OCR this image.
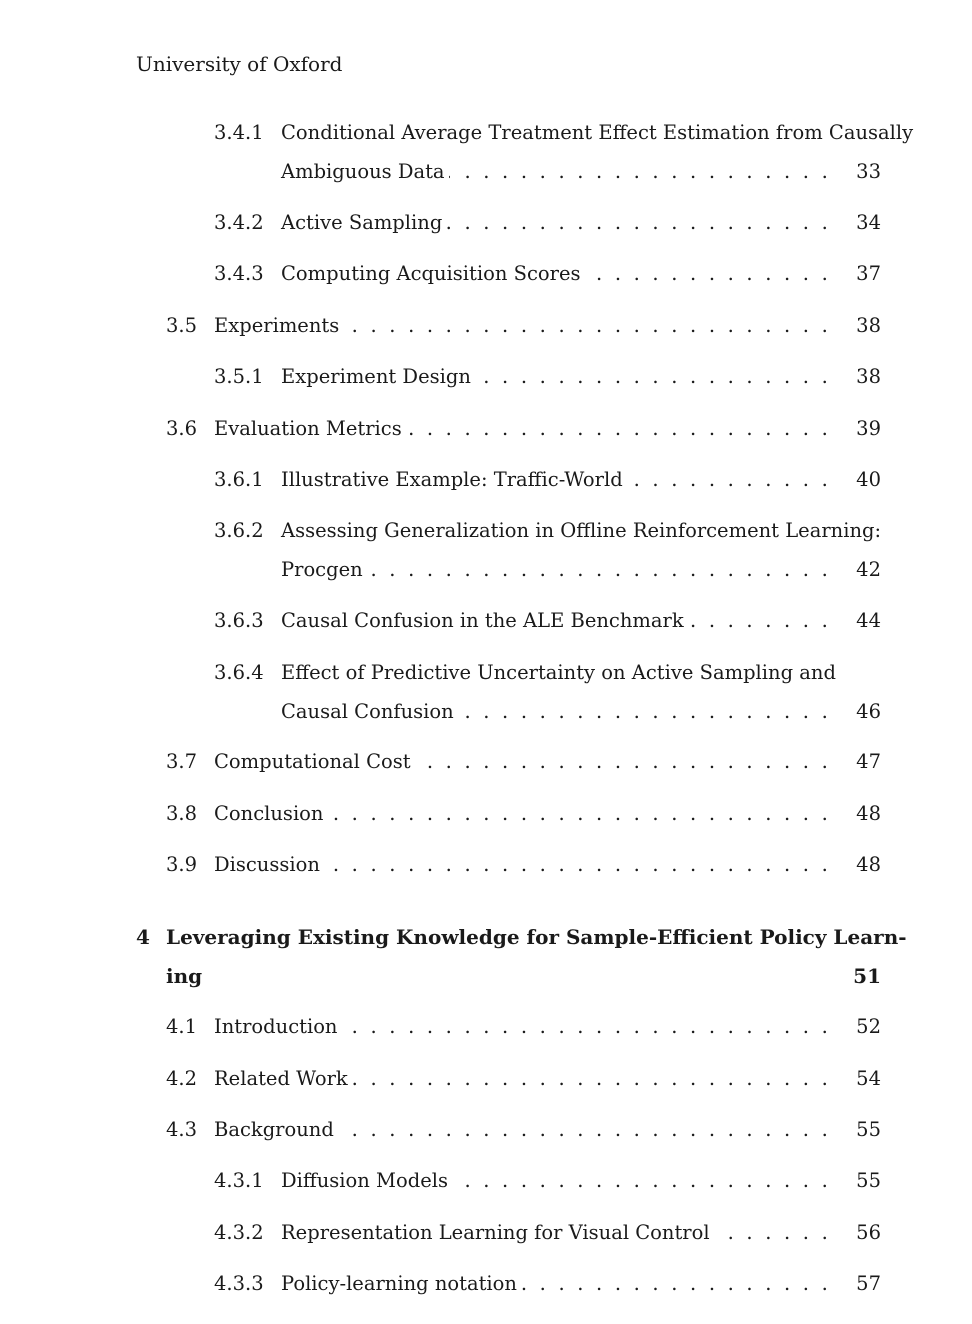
University of Oxford
3.4.1 Conditional Average Treatment Effect Estimation from Causally
Ambiguous Data . . .	33
3.4.2 Active Sampling . . .	34
3.4.3 Computing Acquisition Scores . . .	37
3.5 Experiments . . .	38
3.5.1 Experiment Design . . .	38
3.6 Evaluation Metrics . . .	39
3.6.1 Illustrative Example: Traffic-World . . .	40
3.6.2 Assessing Generalization in Offline Reinforcement Learning:
Procgen . . .	42
3.6.3 Causal Confusion in the ALE Benchmark . . .	44
3.6.4 Effect of Predictive Uncertainty on Active Sampling and
Causal Confusion . . .	46
3.7 Computational Cost . . .	47
3.8 Conclusion . . .	48
3.9 Discussion . . .	48
4 Leveraging Existing Knowledge for Sample-Efficient Policy Learn-
ing	51
4.1 Introduction . . .	52
4.2 Related Work . . .	54
4.3 Background . . .	55
4.3.1 Diffusion Models . . .	55
4.3.2 Representation Learning for Visual Control . . .	56
4.3.3 Policy-learning notation . . .	57
